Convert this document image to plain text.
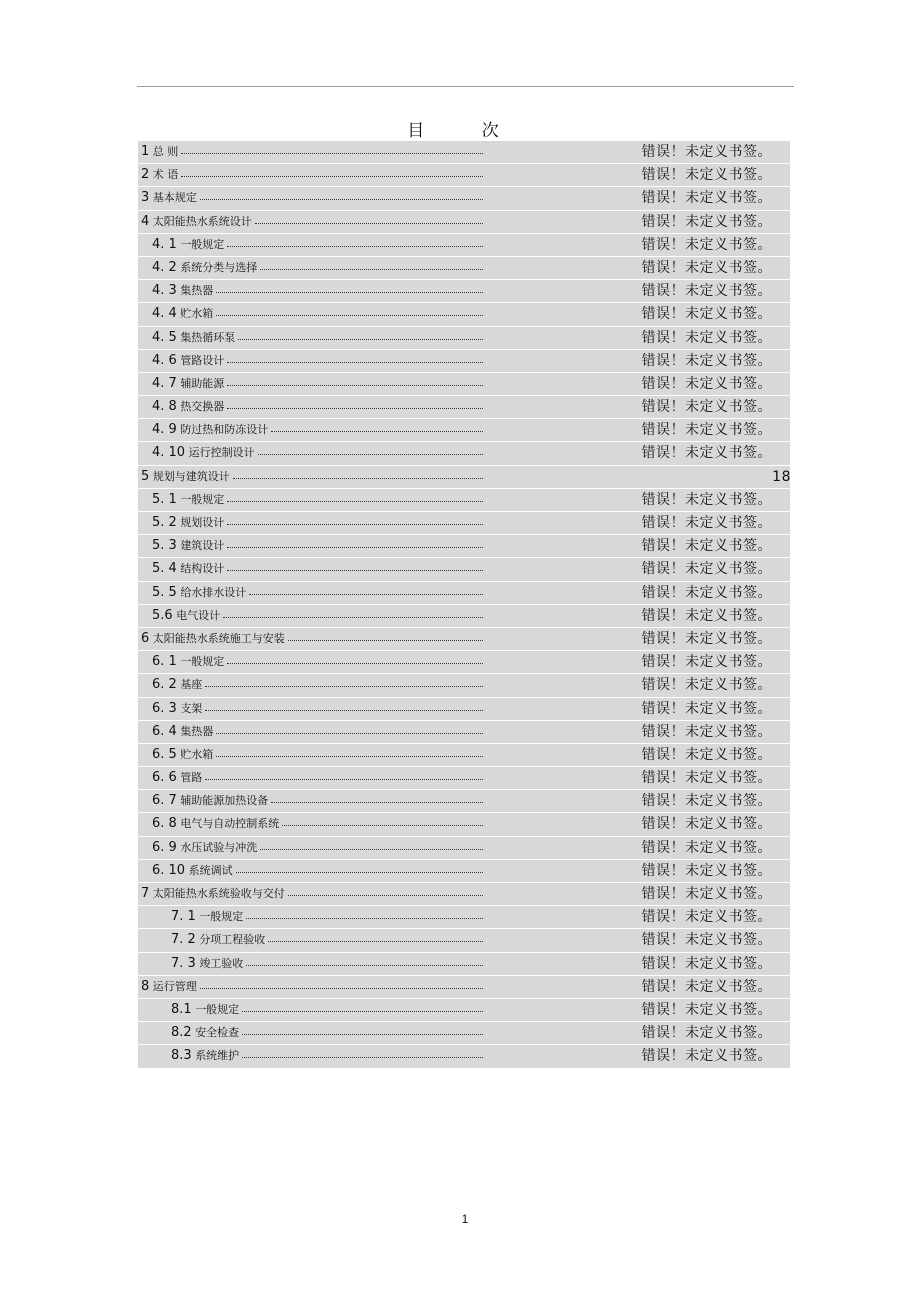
目 次
1 总 则	错误！未定义书签。
2 术 语	错误！未定义书签。
3 基本规定	错误！未定义书签。
4 太阳能热水系统设计	错误！未定义书签。
4. 1 一般规定	错误！未定义书签。
4. 2 系统分类与选择	错误！未定义书签。
4. 3 集热器	错误！未定义书签。
4. 4 贮水箱	错误！未定义书签。
4. 5 集热循环泵	错误！未定义书签。
4. 6 管路设计	错误！未定义书签。
4. 7 辅助能源	错误！未定义书签。
4. 8 热交换器	错误！未定义书签。
4. 9 防过热和防冻设计	错误！未定义书签。
4. 10 运行控制设计	错误！未定义书签。
5 规划与建筑设计	18
5. 1 一般规定	错误！未定义书签。
5. 2 规划设计	错误！未定义书签。
5. 3 建筑设计	错误！未定义书签。
5. 4 结构设计	错误！未定义书签。
5. 5 给水排水设计	错误！未定义书签。
5.6 电气设计	错误！未定义书签。
6 太阳能热水系统施工与安装	错误！未定义书签。
6. 1 一般规定	错误！未定义书签。
6. 2 基座	错误！未定义书签。
6. 3 支架	错误！未定义书签。
6. 4 集热器	错误！未定义书签。
6. 5 贮水箱	错误！未定义书签。
6. 6 管路	错误！未定义书签。
6. 7 辅助能源加热设备	错误！未定义书签。
6. 8 电气与自动控制系统	错误！未定义书签。
6. 9 水压试验与冲洗	错误！未定义书签。
6. 10 系统调试	错误！未定义书签。
7 太阳能热水系统验收与交付	错误！未定义书签。
7. 1 一般规定	错误！未定义书签。
7. 2 分项工程验收	错误！未定义书签。
7. 3 竣工验收	错误！未定义书签。
8 运行管理	错误！未定义书签。
8.1 一般规定	错误！未定义书签。
8.2 安全检查	错误！未定义书签。
8.3 系统维护	错误！未定义书签。
1
